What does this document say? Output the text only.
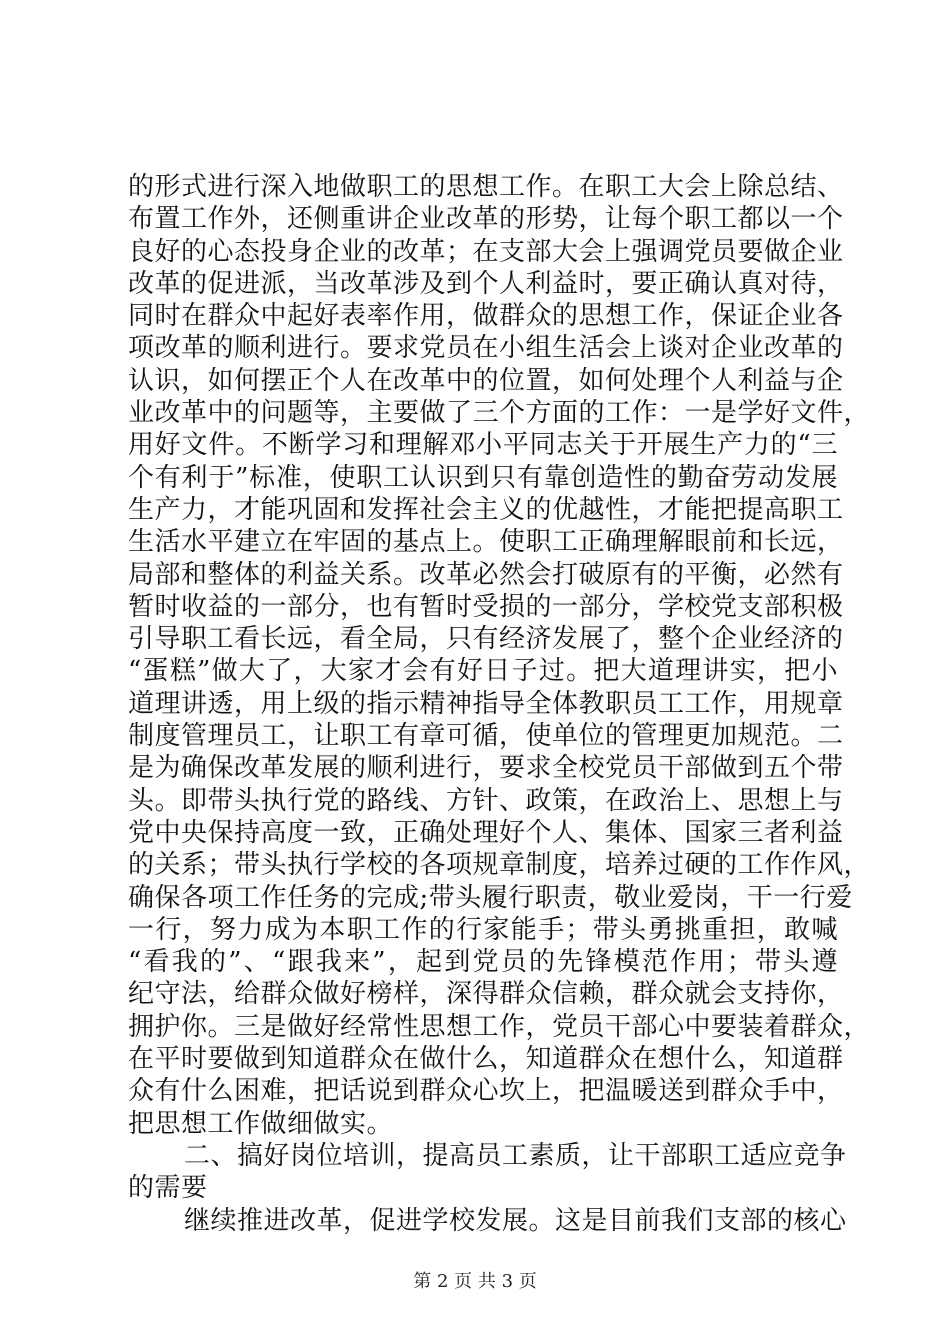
的形式进行深入地做职工的思想工作。在职工大会上除总结、
布置工作外，还侧重讲企业改革的形势，让每个职工都以一个
良好的心态投身企业的改革；在支部大会上强调党员要做企业
改革的促进派，当改革涉及到个人利益时，要正确认真对待，
同时在群众中起好表率作用，做群众的思想工作，保证企业各
项改革的顺利进行。要求党员在小组生活会上谈对企业改革的
认识，如何摆正个人在改革中的位置，如何处理个人利益与企
业改革中的问题等，主要做了三个方面的工作：一是学好文件，
用好文件。不断学习和理解邓小平同志关于开展生产力的“三
个有利于”标准，使职工认识到只有靠创造性的勤奋劳动发展
生产力，才能巩固和发挥社会主义的优越性，才能把提高职工
生活水平建立在牢固的基点上。使职工正确理解眼前和长远，
局部和整体的利益关系。改革必然会打破原有的平衡，必然有
暂时收益的一部分，也有暂时受损的一部分，学校党支部积极
引导职工看长远，看全局，只有经济发展了，整个企业经济的
“蛋糕”做大了，大家才会有好日子过。把大道理讲实，把小
道理讲透，用上级的指示精神指导全体教职员工工作，用规章
制度管理员工，让职工有章可循，使单位的管理更加规范。二
是为确保改革发展的顺利进行，要求全校党员干部做到五个带
头。即带头执行党的路线、方针、政策，在政治上、思想上与
党中央保持高度一致，正确处理好个人、集体、国家三者利益
的关系；带头执行学校的各项规章制度，培养过硬的工作作风，
确保各项工作任务的完成;带头履行职责，敬业爱岗，干一行爱
一行，努力成为本职工作的行家能手；带头勇挑重担，敢喊
“看我的”、“跟我来”，起到党员的先锋模范作用；带头遵
纪守法，给群众做好榜样，深得群众信赖，群众就会支持你，
拥护你。三是做好经常性思想工作，党员干部心中要装着群众，
在平时要做到知道群众在做什么，知道群众在想什么，知道群
众有什么困难，把话说到群众心坎上，把温暖送到群众手中，
把思想工作做细做实。
二、搞好岗位培训，提高员工素质，让干部职工适应竞争
的需要
继续推进改革，促进学校发展。这是目前我们支部的核心
第 2 页 共 3 页
